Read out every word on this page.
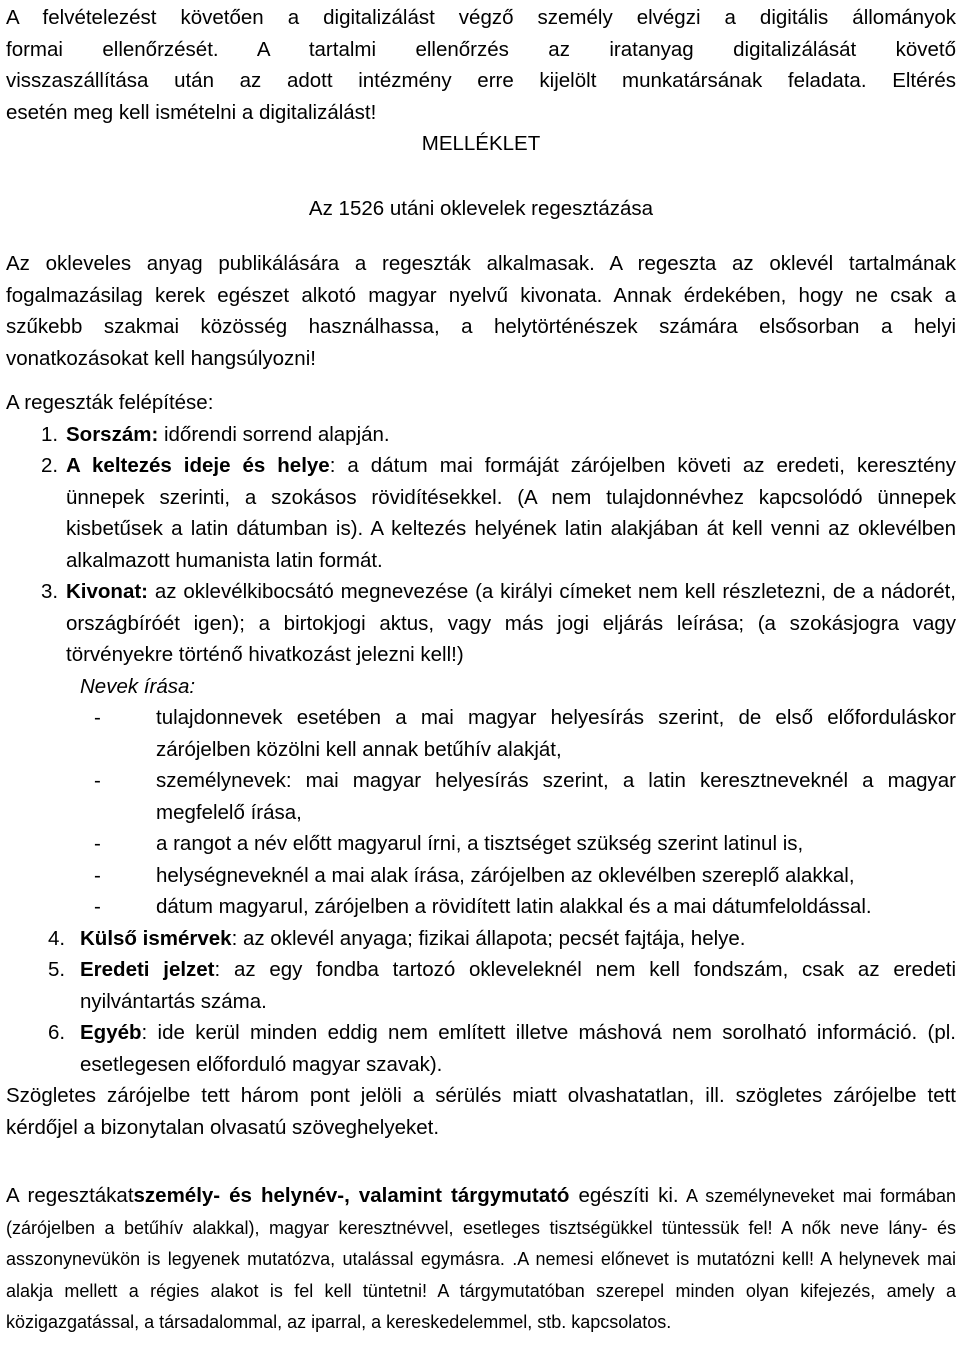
A felvételezést követően a digitalizálást végző személy elvégzi a digitális állományok

formai ellenőrzését. A tartalmi ellenőrzés az iratanyag digitalizálását követő

visszaszállítása után az adott intézmény erre kijelölt munkatársának feladata. Eltérés

esetén meg kell ismételni a digitalizálást!

MELLÉKLET

Az 1526 utáni oklevelek regesztázása

Az okleveles anyag publikálására a regeszták alkalmasak. A regeszta az oklevél tartalmának fogalmazásilag kerek egészet alkotó magyar nyelvű kivonata. Annak érdekében, hogy ne csak a szűkebb szakmai közösség használhassa, a helytörténészek számára elsősorban a helyi vonatkozásokat kell hangsúlyozni!

A regeszták felépítése:

1. Sorszám: időrendi sorrend alapján.
2. A keltezés ideje és helye: a dátum mai formáját zárójelben követi az eredeti, keresztény ünnepek szerinti, a szokásos rövidítésekkel. (A nem tulajdonnévhez kapcsolódó ünnepek kisbetűsek a latin dátumban is). A keltezés helyének latin alakjában át kell venni az oklevélben alkalmazott humanista latin formát.
3. Kivonat: az oklevélkibocsátó megnevezése (a királyi címeket nem kell részletezni, de a nádorét, országbíróét igen); a birtokjogi aktus, vagy más jogi eljárás leírása; (a szokásjogra vagy törvényekre történő hivatkozást jelezni kell!)

Nevek írása:

-	tulajdonnevek esetében a mai magyar helyesírás szerint, de első előforduláskor zárójelben közölni kell annak betűhív alakját,
-	személynevek: mai magyar helyesírás szerint, a latin keresztneveknél a magyar megfelelő írása,
-	a rangot a név előtt magyarul írni, a tisztséget szükség szerint latinul is,
-	helységneveknél a mai alak írása, zárójelben az oklevélben szereplő alakkal,
-	dátum magyarul, zárójelben a rövidített latin alakkal és a mai dátumfeloldással.
4. Külső ismérvek: az oklevél anyaga; fizikai állapota; pecsét fajtája, helye.
5. Eredeti jelzet: az egy fondba tartozó okleveleknél nem kell fondszám, csak az eredeti nyilvántartás száma.
6. Egyéb: ide kerül minden eddig nem említett illetve máshová nem sorolható információ. (pl. esetlegesen előforduló magyar szavak).

Szögletes zárójelbe tett három pont jelöli a sérülés miatt olvashatatlan, ill. szögletes zárójelbe tett kérdőjel a bizonytalan olvasatú szöveghelyeket.

A regesztákatszemély- és helynév-, valamint tárgymutató egészíti ki. A személyneveket mai formában (zárójelben a betűhív alakkal), magyar keresztnévvel, esetleges tisztségükkel tüntessük fel! A nők neve lány- és asszonynevükön is legyenek mutatózva, utalással egymásra. .A nemesi előnevet is mutatózni kell! A helynevek mai alakja mellett a régies alakot is fel kell tüntetni! A tárgymutatóban szerepel minden olyan kifejezés, amely a közigazgatással, a társadalommal, az iparral, a kereskedelemmel, stb. kapcsolatos.
